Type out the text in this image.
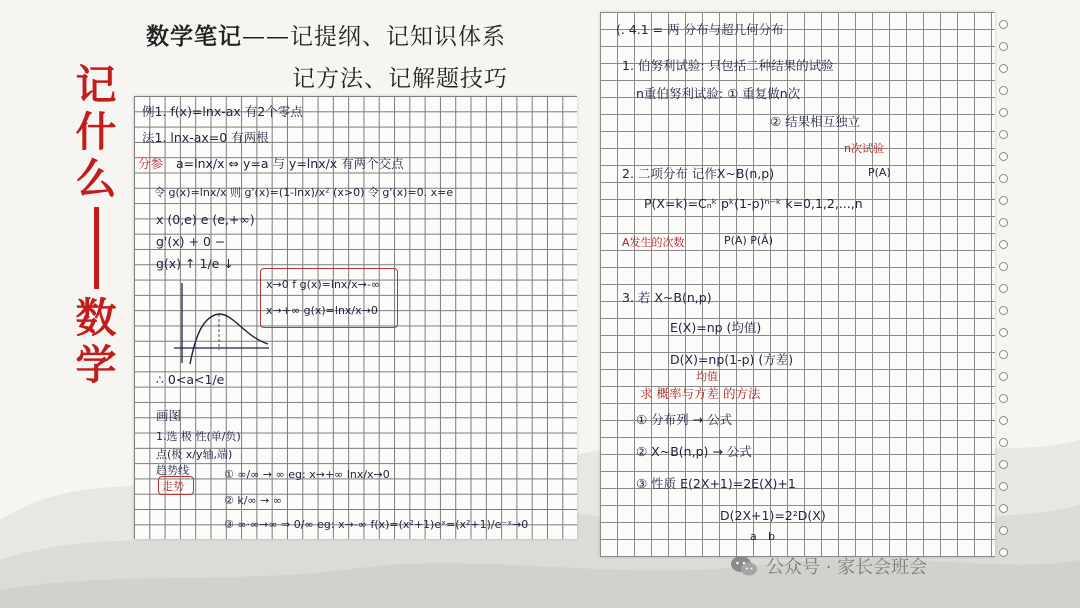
记
什
么
数
学
数学笔记——记提纲、记知识体系
记方法、记解题技巧
例1. f(x)=lnx-ax 有2个零点
法1. lnx-ax=0 有两根
分参 a=lnx/x ⇔ y=a 与 y=lnx/x 有两个交点
令 g(x)=lnx/x 则 g'(x)=(1-lnx)/x² (x>0) 令 g'(x)=0. x=e
x (0,e) e (e,+∞)
g'(x) + 0 −
g(x) ↑ 1/e ↓
x→0 f g(x)=lnx/x→-∞
x→+∞ g(x)=lnx/x→0
∴ 0<a<1/e
画图
1.选 极 性(单/负)
点(极 x/y轴,端)
趋势线
走势
① ∞/∞ → ∞ eg: x→+∞ lnx/x→0
② k/∞ → ∞
③ ∞·∞→∞ ⇒ 0/∞ eg: x→-∞ f(x)=(x²+1)eˣ=(x²+1)/e⁻ˣ→0
(. 4.1 = 两 分布与超几何分布
1. 伯努利试验: 只包括二种结果的试验
n重伯努利试验: ① 重复做n次
② 结果相互独立
n次试验
2. 二项分布 记作X~B(n,p)	P(A)
P(X=k)=Cₙᵏ pᵏ(1-p)ⁿ⁻ᵏ k=0,1,2,...,n
A发生的次数	P(A) P(Ā)
3. 若 X~B(n,p)
E(X)=np (均值)
D(X)=np(1-p) (方差)
均值
求 概率与方差 的方法
① 分布列 → 公式
② X~B(n,p) → 公式
③ 性质 E(2X+1)=2E(X)+1
D(2X+1)=2²D(X)
a b
公众号 · 家长会班会
